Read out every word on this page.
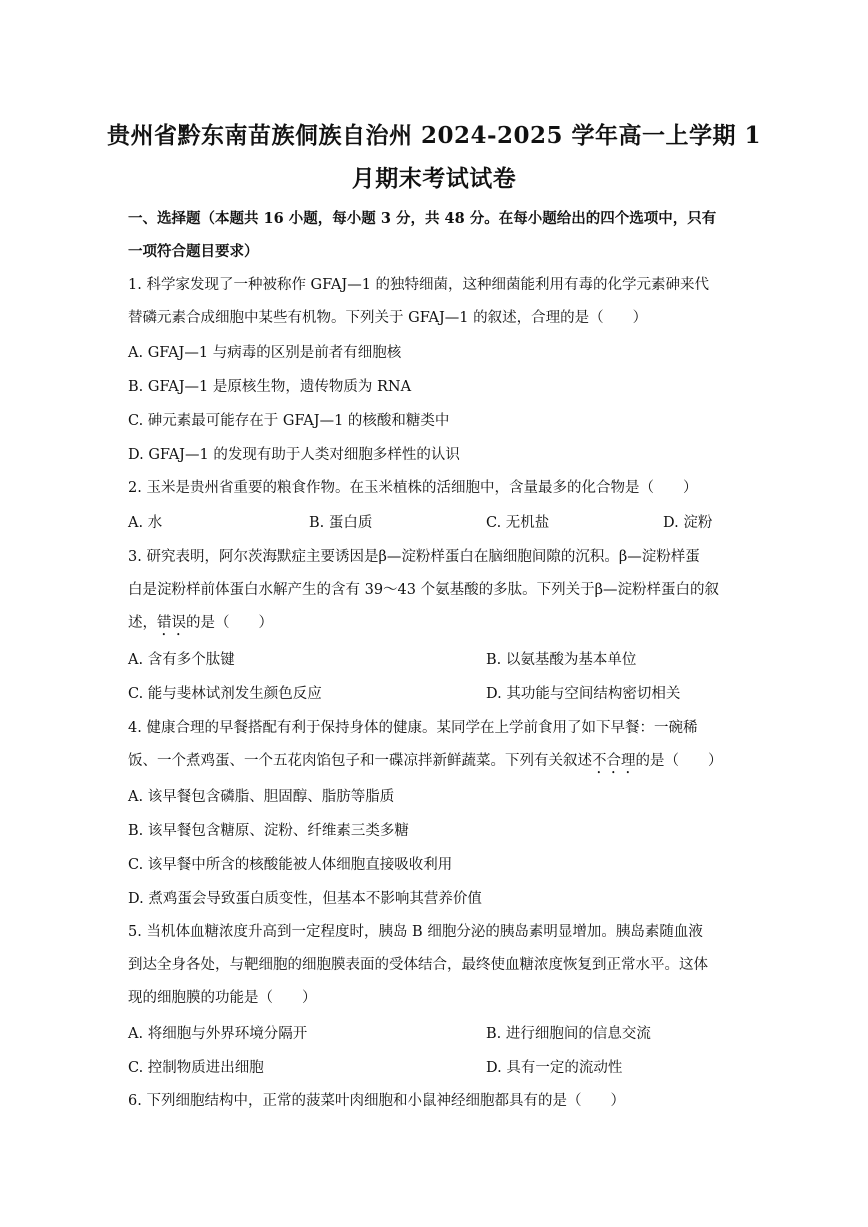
贵州省黔东南苗族侗族自治州 2024-2025 学年高一上学期 1
月期末考试试卷
一、选择题（本题共 16 小题，每小题 3 分，共 48 分。在每小题给出的四个选项中，只有
一项符合题目要求）
1. 科学家发现了一种被称作 GFAJ—1 的独特细菌，这种细菌能利用有毒的化学元素砷来代
替磷元素合成细胞中某些有机物。下列关于 GFAJ—1 的叙述，合理的是（　　）
A. GFAJ—1 与病毒的区别是前者有细胞核
B. GFAJ—1 是原核生物，遗传物质为 RNA
C. 砷元素最可能存在于 GFAJ—1 的核酸和糖类中
D. GFAJ—1 的发现有助于人类对细胞多样性的认识
2. 玉米是贵州省重要的粮食作物。在玉米植株的活细胞中，含量最多的化合物是（　　）
A. 水	B. 蛋白质	C. 无机盐	D. 淀粉
3. 研究表明，阿尔茨海默症主要诱因是β—淀粉样蛋白在脑细胞间隙的沉积。β—淀粉样蛋
白是淀粉样前体蛋白水解产生的含有 39～43 个氨基酸的多肽。下列关于β—淀粉样蛋白的叙
述，错误的是（　　）
A. 含有多个肽键	B. 以氨基酸为基本单位
C. 能与斐林试剂发生颜色反应	D. 其功能与空间结构密切相关
4. 健康合理的早餐搭配有利于保持身体的健康。某同学在上学前食用了如下早餐：一碗稀
饭、一个煮鸡蛋、一个五花肉馅包子和一碟凉拌新鲜蔬菜。下列有关叙述不合理的是（　　）
A. 该早餐包含磷脂、胆固醇、脂肪等脂质
B. 该早餐包含糖原、淀粉、纤维素三类多糖
C. 该早餐中所含的核酸能被人体细胞直接吸收利用
D. 煮鸡蛋会导致蛋白质变性，但基本不影响其营养价值
5. 当机体血糖浓度升高到一定程度时，胰岛 B 细胞分泌的胰岛素明显增加。胰岛素随血液
到达全身各处，与靶细胞的细胞膜表面的受体结合，最终使血糖浓度恢复到正常水平。这体
现的细胞膜的功能是（　　）
A. 将细胞与外界环境分隔开	B. 进行细胞间的信息交流
C. 控制物质进出细胞	D. 具有一定的流动性
6. 下列细胞结构中，正常的菠菜叶肉细胞和小鼠神经细胞都具有的是（　　）
